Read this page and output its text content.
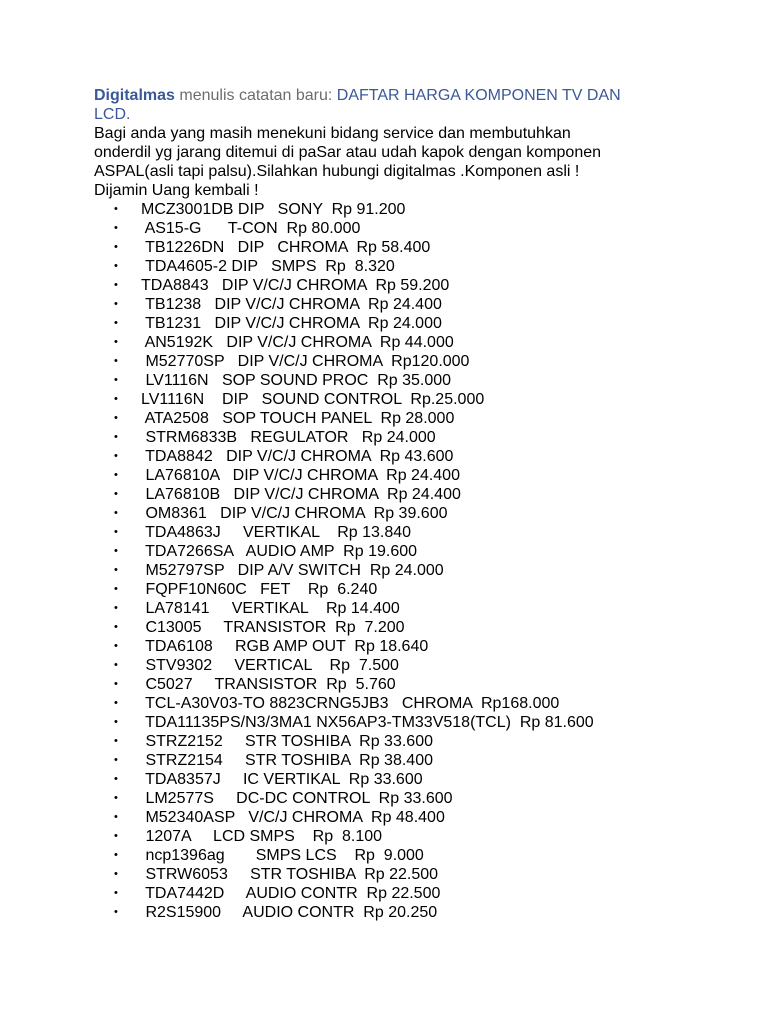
Digitalmas menulis catatan baru: DAFTAR HARGA KOMPONEN TV DAN
LCD.

Bagi anda yang masih menekuni bidang service dan membutuhkan
onderdil yg jarang ditemui di paSar atau udah kapok dengan komponen
ASPAL(asli tapi palsu).Silahkan hubungi digitalmas .Komponen asli !
Dijamin Uang kembali !
• MCZ3001DB DIP   SONY  Rp 91.200
• AS15-G      T-CON  Rp 80.000
• TB1226DN   DIP   CHROMA  Rp 58.400
• TDA4605-2 DIP   SMPS  Rp  8.320
• TDA8843   DIP V/C/J CHROMA  Rp 59.200
• TB1238   DIP V/C/J CHROMA  Rp 24.400
• TB1231   DIP V/C/J CHROMA  Rp 24.000
• AN5192K   DIP V/C/J CHROMA  Rp 44.000
• M52770SP   DIP V/C/J CHROMA  Rp120.000
• LV1116N   SOP SOUND PROC  Rp 35.000
• LV1116N    DIP   SOUND CONTROL  Rp.25.000
• ATA2508   SOP TOUCH PANEL  Rp 28.000
• STRM6833B   REGULATOR   Rp 24.000
• TDA8842   DIP V/C/J CHROMA  Rp 43.600
• LA76810A   DIP V/C/J CHROMA  Rp 24.400
• LA76810B   DIP V/C/J CHROMA  Rp 24.400
• OM8361   DIP V/C/J CHROMA  Rp 39.600
• TDA4863J     VERTIKAL    Rp 13.840
• TDA7266SA   AUDIO AMP  Rp 19.600
• M52797SP   DIP A/V SWITCH  Rp 24.000
• FQPF10N60C   FET    Rp  6.240
• LA78141     VERTIKAL    Rp 14.400
• C13005     TRANSISTOR  Rp  7.200
• TDA6108     RGB AMP OUT  Rp 18.640
• STV9302     VERTICAL    Rp  7.500
• C5027     TRANSISTOR  Rp  5.760
• TCL-A30V03-TO 8823CRNG5JB3   CHROMA  Rp168.000
• TDA11135PS/N3/3MA1 NX56AP3-TM33V518(TCL)  Rp 81.600
• STRZ2152     STR TOSHIBA  Rp 33.600
• STRZ2154     STR TOSHIBA  Rp 38.400
• TDA8357J     IC VERTIKAL  Rp 33.600
• LM2577S     DC-DC CONTROL  Rp 33.600
• M52340ASP   V/C/J CHROMA  Rp 48.400
• 1207A     LCD SMPS    Rp  8.100
• ncp1396ag       SMPS LCS    Rp  9.000
• STRW6053     STR TOSHIBA  Rp 22.500
• TDA7442D     AUDIO CONTR  Rp 22.500
• R2S15900     AUDIO CONTR  Rp 20.250
